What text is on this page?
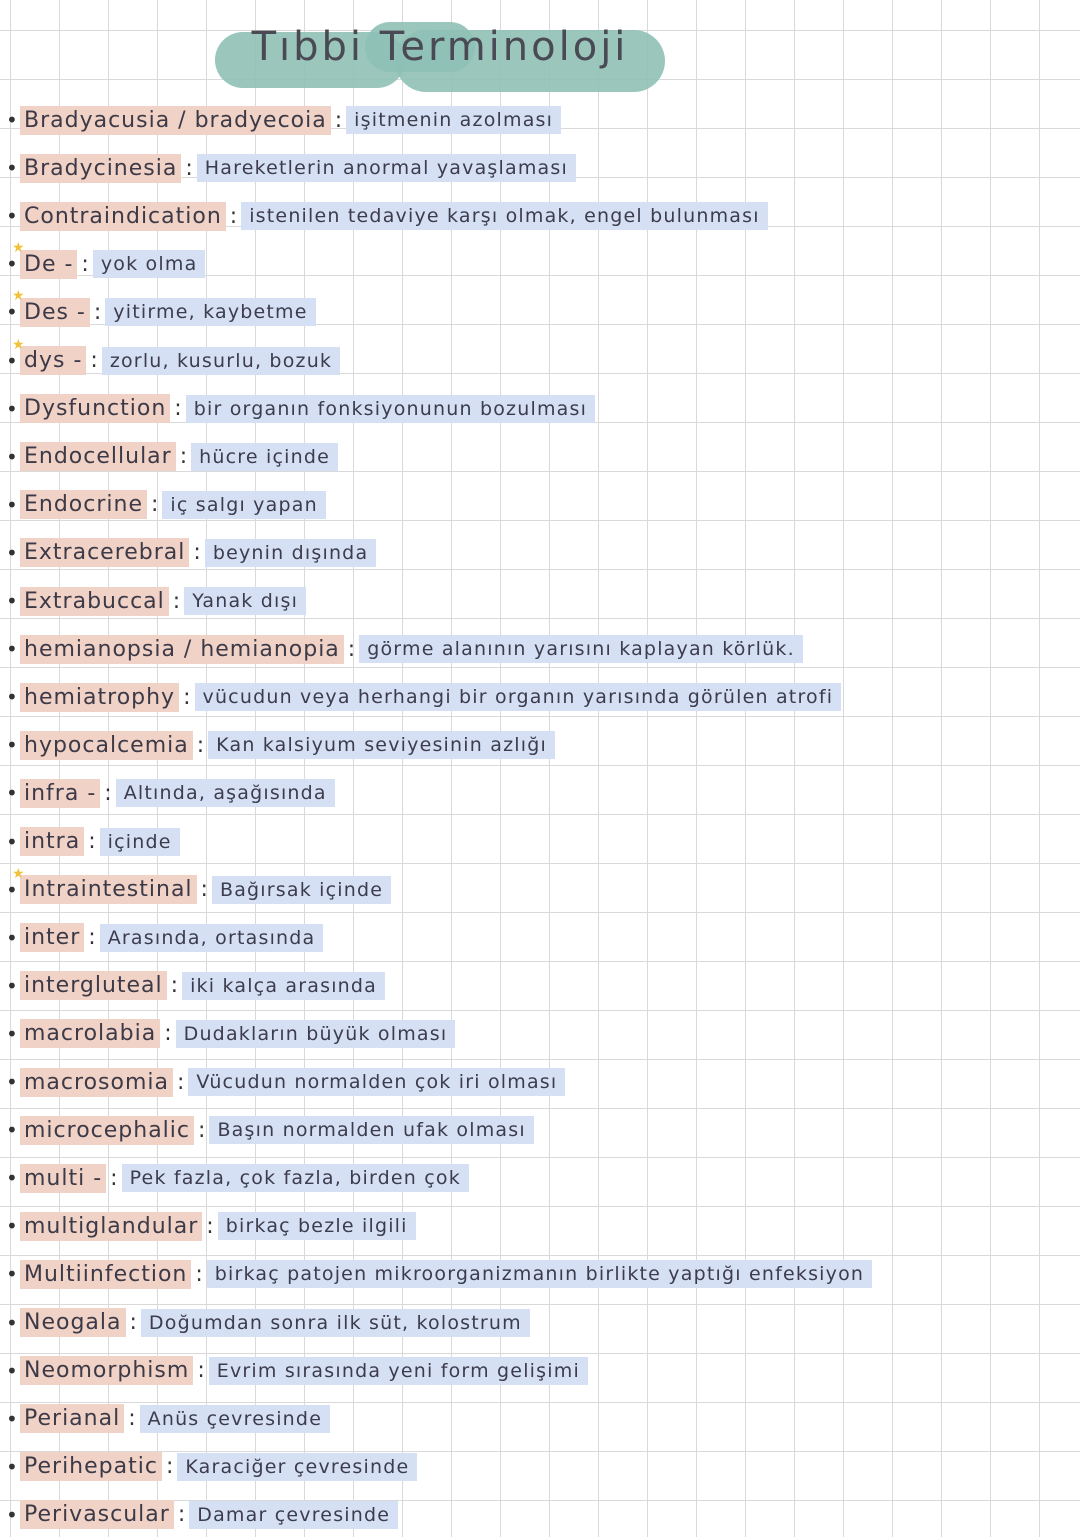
Tıbbi Terminoloji
• Bradyacusia / bradyecoia : işitmenin azolması
• Bradycinesia : Hareketlerin anormal yavaşlaması
• Contraindication : istenilen tedaviye karşı olmak, engel bulunması
★
• De - : yok olma
★
• Des - : yitirme, kaybetme
★
• dys - : zorlu, kusurlu, bozuk
• Dysfunction : bir organın fonksiyonunun bozulması
• Endocellular : hücre içinde
• Endocrine : iç salgı yapan
• Extracerebral : beynin dışında
• Extrabuccal : Yanak dışı
• hemianopsia / hemianopia : görme alanının yarısını kaplayan körlük.
• hemiatrophy : vücudun veya herhangi bir organın yarısında görülen atrofi
• hypocalcemia : Kan kalsiyum seviyesinin azlığı
• infra - : Altında, aşağısında
• intra : içinde
★
• Intraintestinal : Bağırsak içinde
• inter : Arasında, ortasında
• intergluteal : iki kalça arasında
• macrolabia : Dudakların büyük olması
• macrosomia : Vücudun normalden çok iri olması
• microcephalic : Başın normalden ufak olması
• multi - : Pek fazla, çok fazla, birden çok
• multiglandular : birkaç bezle ilgili
• Multiinfection : birkaç patojen mikroorganizmanın birlikte yaptığı enfeksiyon
• Neogala : Doğumdan sonra ilk süt, kolostrum
• Neomorphism : Evrim sırasında yeni form gelişimi
• Perianal : Anüs çevresinde
• Perihepatic : Karaciğer çevresinde
• Perivascular : Damar çevresinde
